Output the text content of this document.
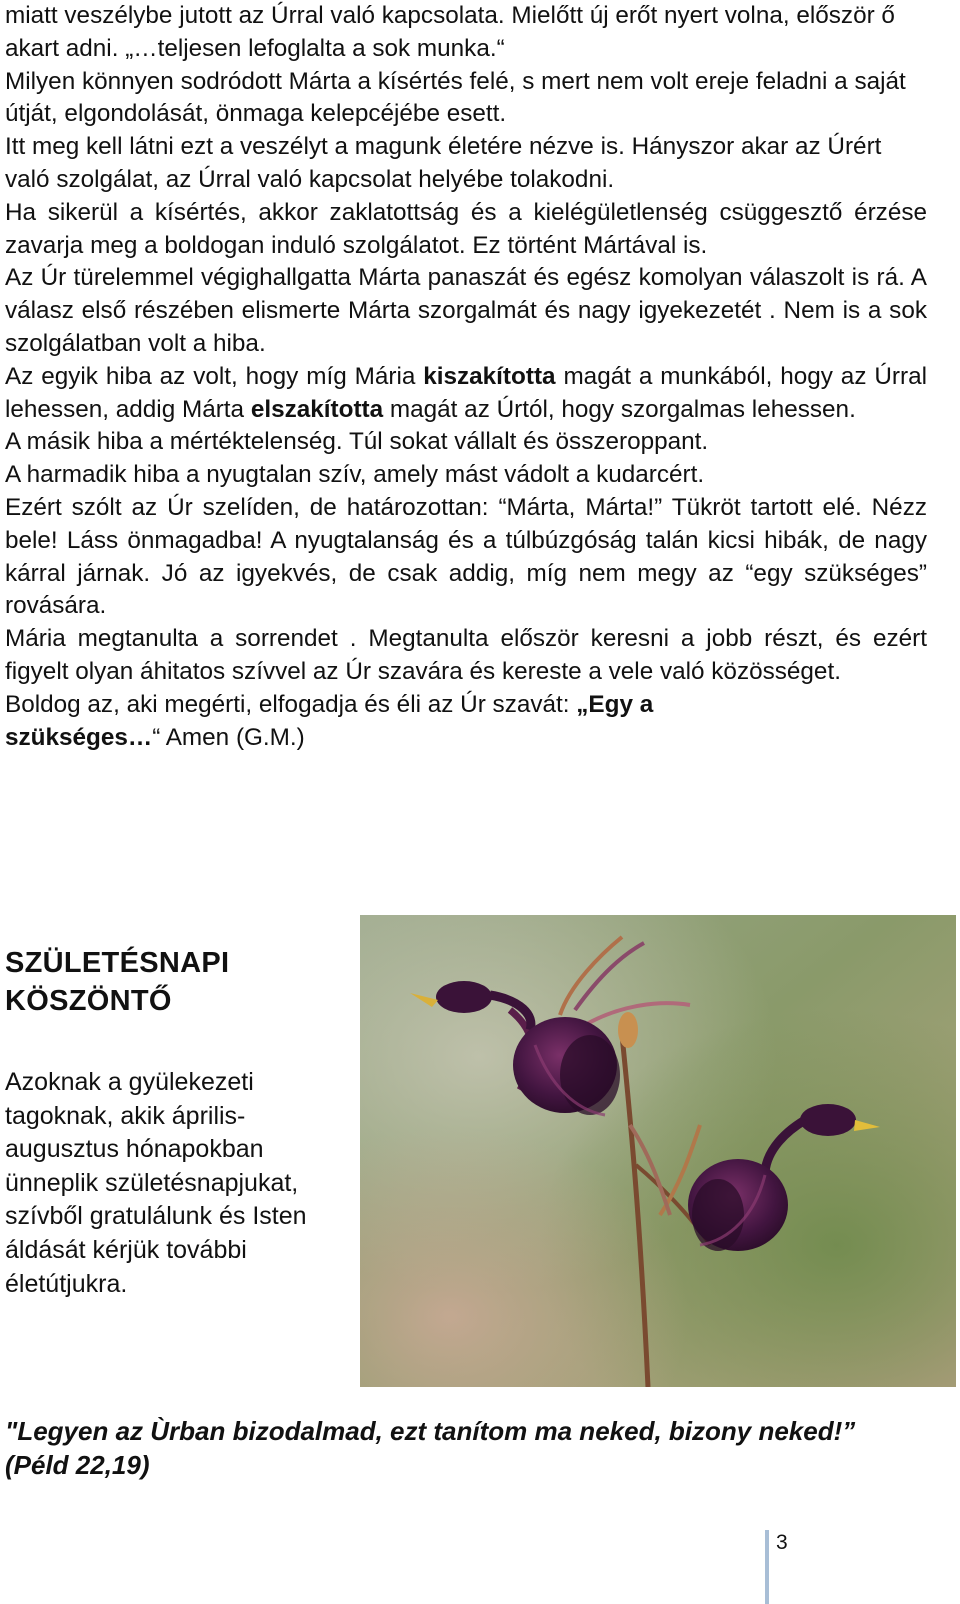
miatt veszélybe jutott az Úrral való kapcsolata. Mielőtt új erőt nyert volna, először ő akart adni. „…teljesen lefoglalta a sok munka.“

Milyen könnyen sodródott Márta a kísértés felé, s mert nem volt ereje feladni a saját útját, elgondolását, önmaga kelepcéjébe esett.

Itt meg kell látni ezt a veszélyt a magunk életére nézve is. Hányszor akar az Úrért való szolgálat, az Úrral való kapcsolat helyébe tolakodni.

Ha sikerül a kísértés, akkor zaklatottság és a kielégületlenség csüggesztő érzése zavarja meg a boldogan induló szolgálatot. Ez történt Mártával is.

Az Úr türelemmel végighallgatta Márta panaszát és egész komolyan válaszolt is rá. A válasz első részében elismerte Márta szorgalmát és nagy igyekezetét . Nem is a sok szolgálatban volt a hiba.

Az egyik hiba az volt, hogy míg Mária kiszakította magát a munkából, hogy az Úrral lehessen, addig Márta elszakította magát az Úrtól, hogy szorgalmas lehessen.

A másik hiba a mértéktelenség. Túl sokat vállalt és összeroppant.

A harmadik hiba a nyugtalan szív, amely mást vádolt a kudarcért.

Ezért szólt az Úr szelíden, de határozottan: “Márta, Márta!” Tükröt tartott elé. Nézz bele! Láss önmagadba! A nyugtalanság és a túlbúzgóság talán kicsi hibák, de nagy kárral járnak. Jó az igyekvés, de csak addig, míg nem megy az “egy szükséges” rovására.

Mária megtanulta a sorrendet . Megtanulta először keresni a jobb részt, és ezért figyelt olyan áhitatos szívvel az Úr szavára és kereste a vele való közösséget.

Boldog az, aki megérti, elfogadja és éli az Úr szavát: „Egy a szükséges…“ Amen (G.M.)

SZÜLETÉSNAPI
KÖSZÖNTŐ

Azoknak a gyülekezeti tagoknak, akik április-augusztus hónapokban ünneplik születésnapjukat, szívből gratulálunk és Isten áldását kérjük további életútjukra.

"Legyen az Ùrban bizodalmad, ezt tanítom ma neked, bizony neked!” (Péld 22,19)
3
